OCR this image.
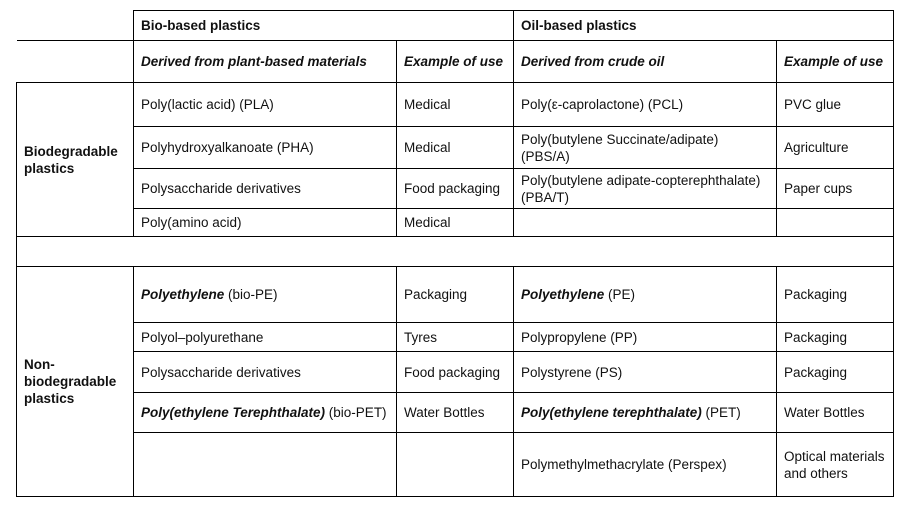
	Bio-based plastics		Oil-based plastics	
	Derived from plant-based materials	Example of use	Derived from crude oil	Example of use
Biodegradable plastics	Poly(lactic acid) (PLA)	Medical	Poly(ε-caprolactone) (PCL)	PVC glue
	Polyhydroxyalkanoate (PHA)	Medical	Poly(butylene Succinate/adipate) (PBS/A)	Agriculture
	Polysaccharide derivatives	Food packaging	Poly(butylene adipate-copterephthalate) (PBA/T)	Paper cups
	Poly(amino acid)	Medical		

Non-biodegradable plastics	Polyethylene (bio-PE)	Packaging	Polyethylene (PE)	Packaging
	Polyol–polyurethane	Tyres	Polypropylene (PP)	Packaging
	Polysaccharide derivatives	Food packaging	Polystyrene (PS)	Packaging
	Poly(ethylene Terephthalate) (bio-PET)	Water Bottles	Poly(ethylene terephthalate) (PET)	Water Bottles
			Polymethylmethacrylate (Perspex)	Optical materials and others
